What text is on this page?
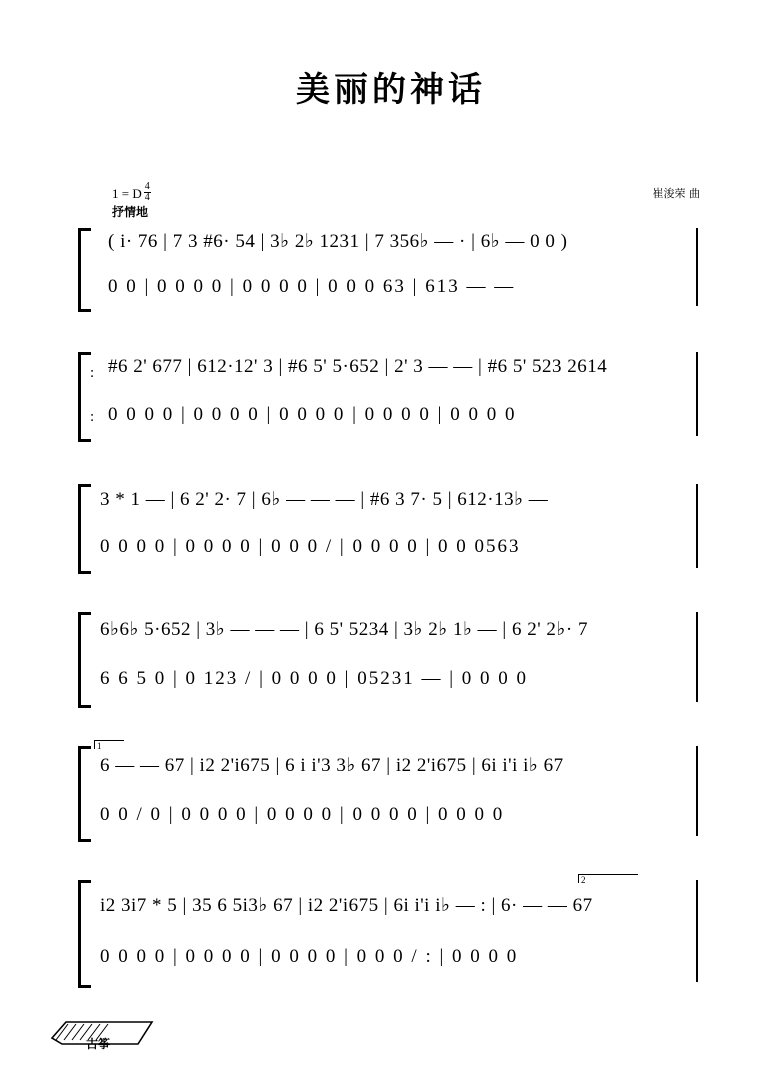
美丽的神话
1 = D $\frac{4}{4}$
抒情地
崔浚荣 曲
( i· 76 | 7 3 #6· 54 | 3♭ 2♭ 1231 | 7 356♭ — · | 6♭ — 0 0 )
0 0 | 0 0 0 0 | 0 0 0 0 | 0 0 0 63 | 613 — —
:
:
#6 2' 677 | 612·12' 3 | #6 5' 5·652 | 2' 3 — — | #6 5' 523 2614
0 0 0 0 | 0 0 0 0 | 0 0 0 0 | 0 0 0 0 | 0 0 0 0
3 * 1 — | 6 2' 2· 7 | 6♭ — — — | #6 3 7· 5 | 612·13♭ —
0 0 0 0 | 0 0 0 0 | 0 0 0 / | 0 0 0 0 | 0 0 0563
6♭6♭ 5·652 | 3♭ — — — | 6 5' 5234 | 3♭ 2♭ 1♭ — | 6 2' 2♭· 7
6 6 5 0 | 0 123 / | 0 0 0 0 | 05231 — | 0 0 0 0
1
6 — — 67 | i2 2'i675 | 6 i i'3 3♭ 67 | i2 2'i675 | 6i i'i i♭ 67
0 0 / 0 | 0 0 0 0 | 0 0 0 0 | 0 0 0 0 | 0 0 0 0
2
i2 3i7 * 5 | 35 6 5i3♭ 67 | i2 2'i675 | 6i i'i i♭ — : | 6· — — 67
0 0 0 0 | 0 0 0 0 | 0 0 0 0 | 0 0 0 / : | 0 0 0 0
古筝
